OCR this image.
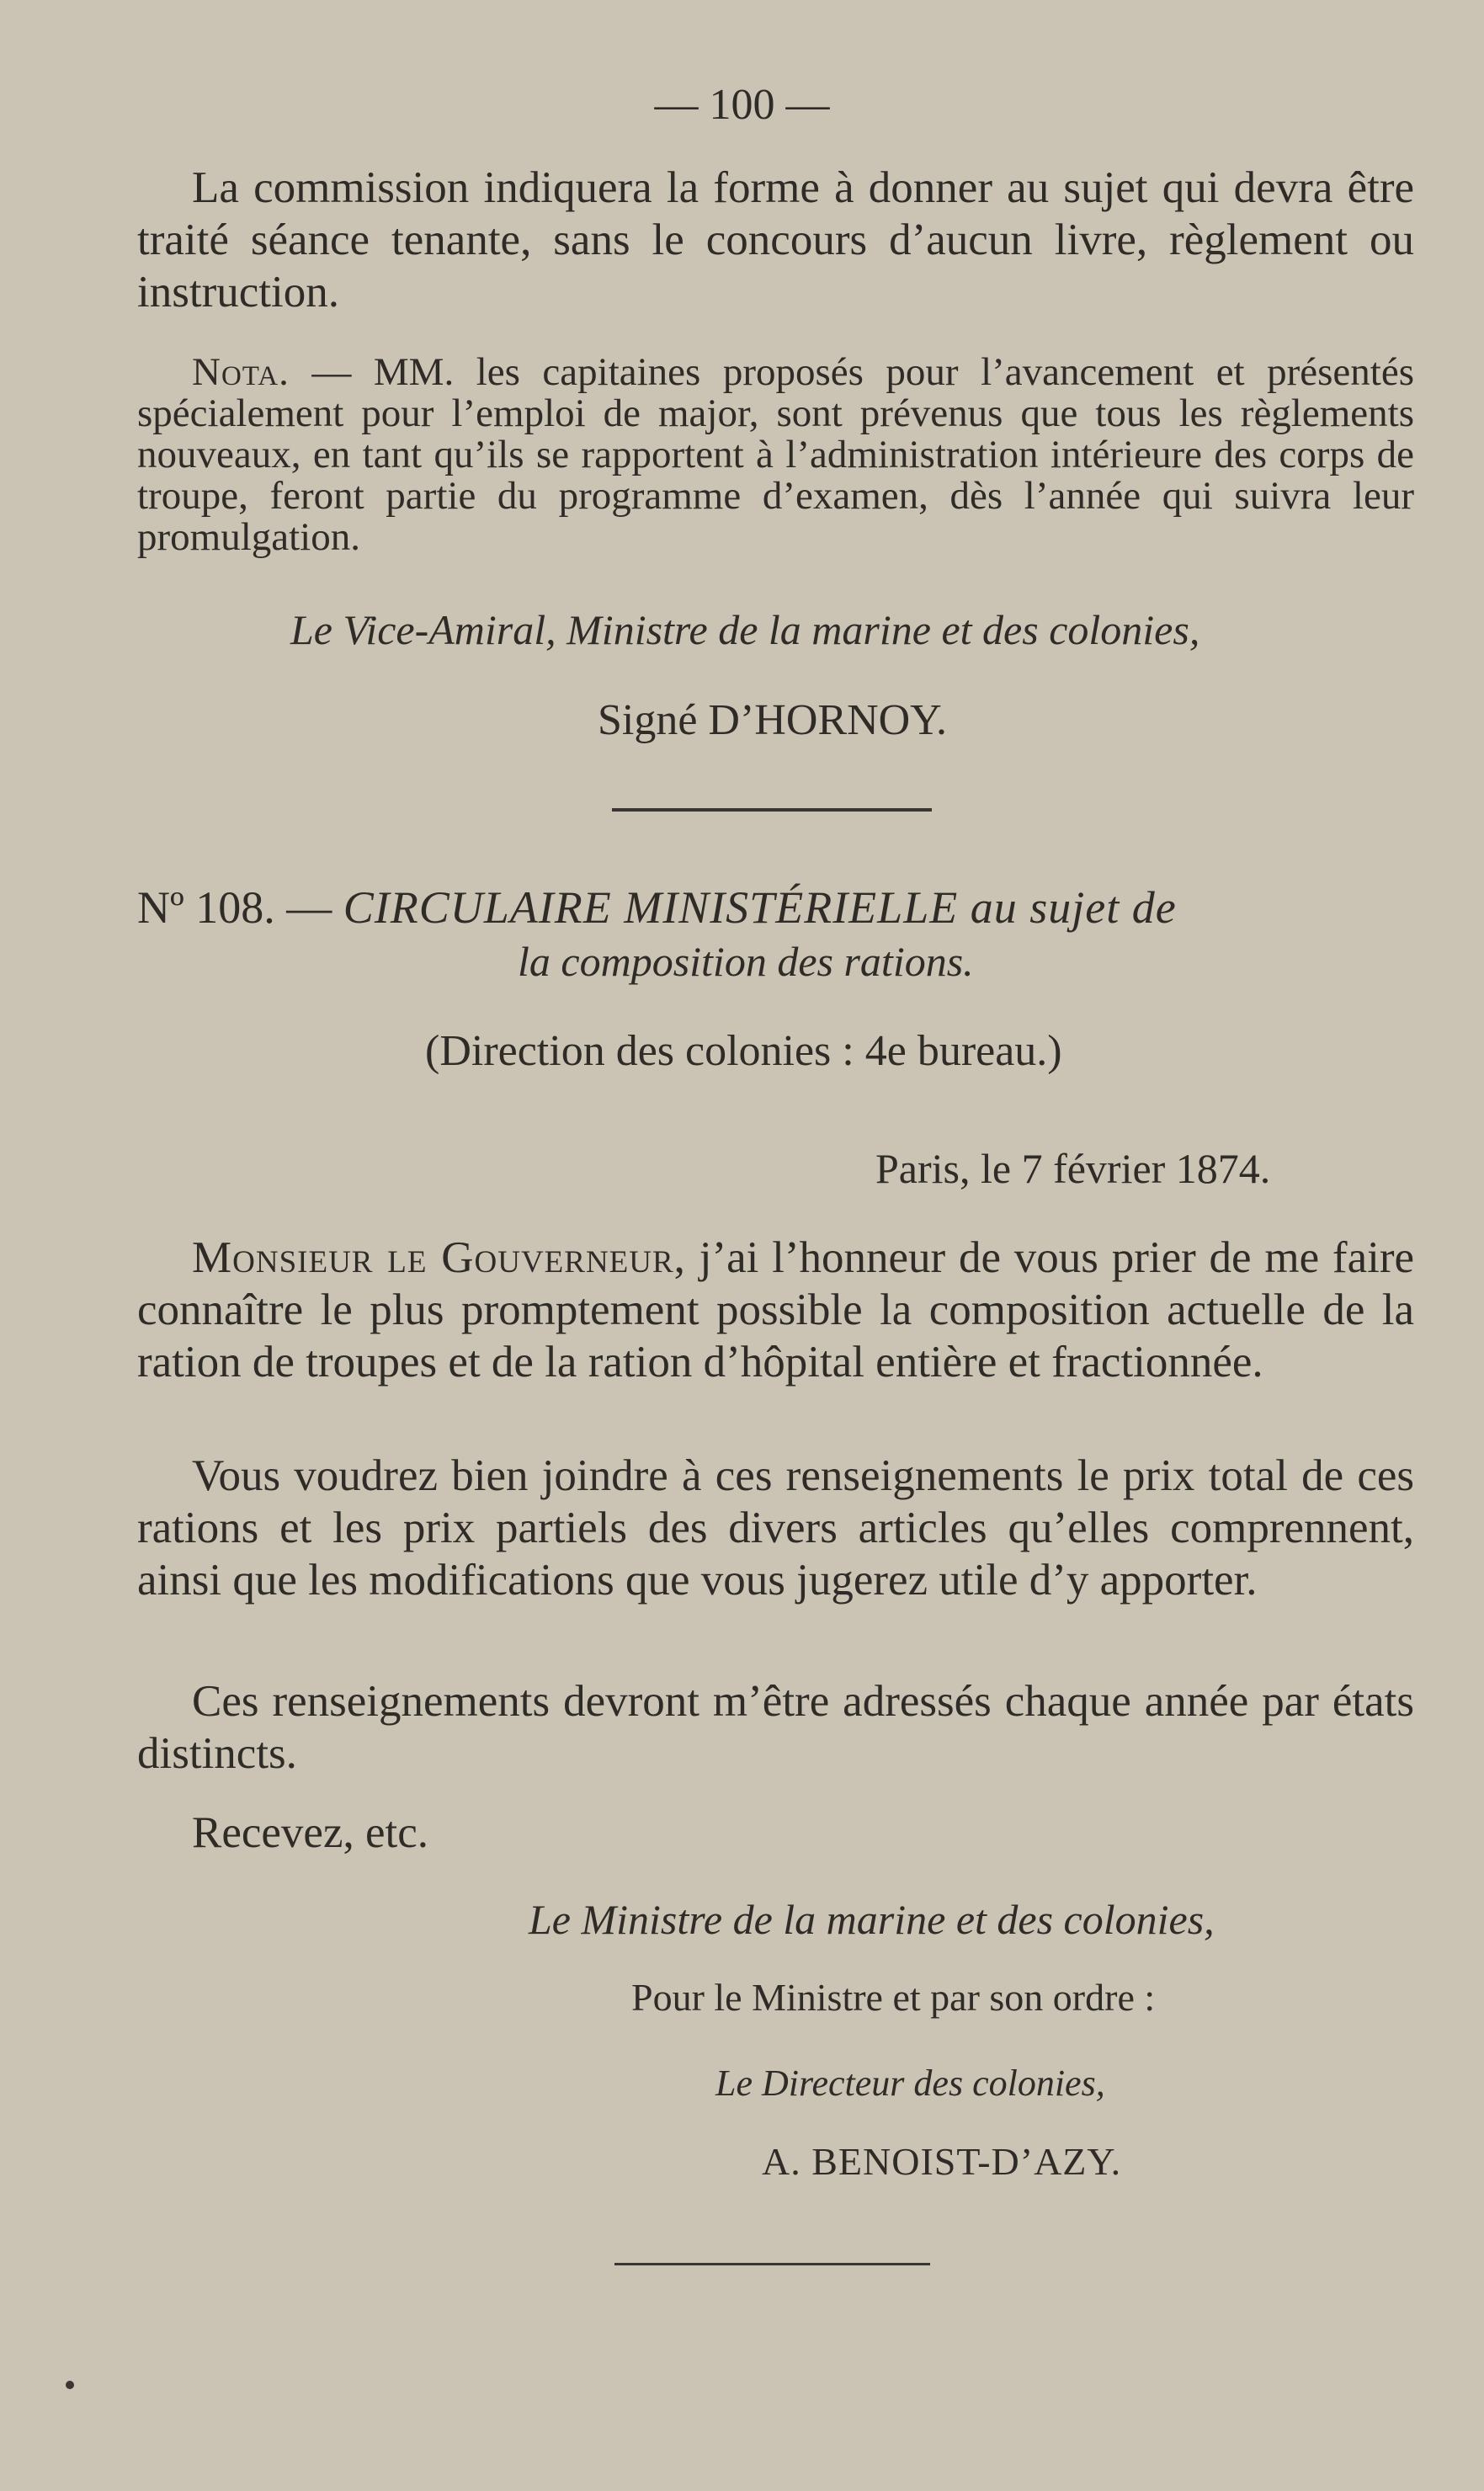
— 100 —

La commission indiquera la forme à donner au sujet qui devra être traité séance tenante, sans le concours d’aucun livre, règlement ou instruction.

Nota. — MM. les capitaines proposés pour l’avancement et présentés spécialement pour l’emploi de major, sont prévenus que tous les règlements nouveaux, en tant qu’ils se rapportent à l’administration intérieure des corps de troupe, feront partie du programme d’examen, dès l’année qui suivra leur promulgation.

Le Vice-Amiral, Ministre de la marine et des colonies,
Signé D’HORNOY.
Nº 108. — CIRCULAIRE MINISTÉRIELLE au sujet de
la composition des rations.
(Direction des colonies : 4e bureau.)
Paris, le 7 février 1874.

Monsieur le Gouverneur, j’ai l’honneur de vous prier de me faire connaître le plus promptement possible la composition actuelle de la ration de troupes et de la ration d’hôpital entière et fractionnée.

Vous voudrez bien joindre à ces renseignements le prix total de ces rations et les prix partiels des divers articles qu’elles comprennent, ainsi que les modifications que vous jugerez utile d’y apporter.

Ces renseignements devront m’être adressés chaque année par états distincts.

Recevez, etc.
Le Ministre de la marine et des colonies,
Pour le Ministre et par son ordre :
Le Directeur des colonies,
A. BENOIST-D’AZY.
